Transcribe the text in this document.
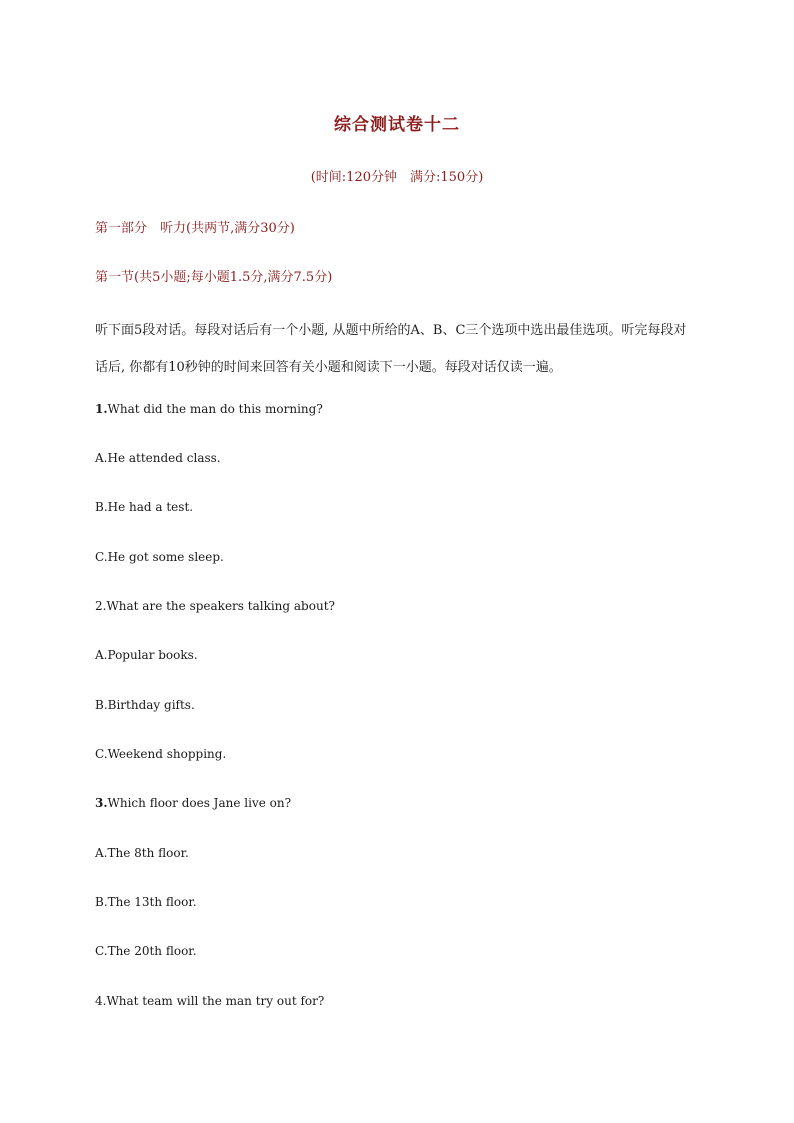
综合测试卷十二
(时间:120分钟　满分:150分)
第一部分　听力(共两节,满分30分)
第一节(共5小题;每小题1.5分,满分7.5分)
听下面5段对话。每段对话后有一个小题, 从题中所给的A、B、C三个选项中选出最佳选项。听完每段对话后, 你都有10秒钟的时间来回答有关小题和阅读下一小题。每段对话仅读一遍。
1.What did the man do this morning?
A.He attended class.
B.He had a test.
C.He got some sleep.
2.What are the speakers talking about?
A.Popular books.
B.Birthday gifts.
C.Weekend shopping.
3.Which floor does Jane live on?
A.The 8th floor.
B.The 13th floor.
C.The 20th floor.
4.What team will the man try out for?
